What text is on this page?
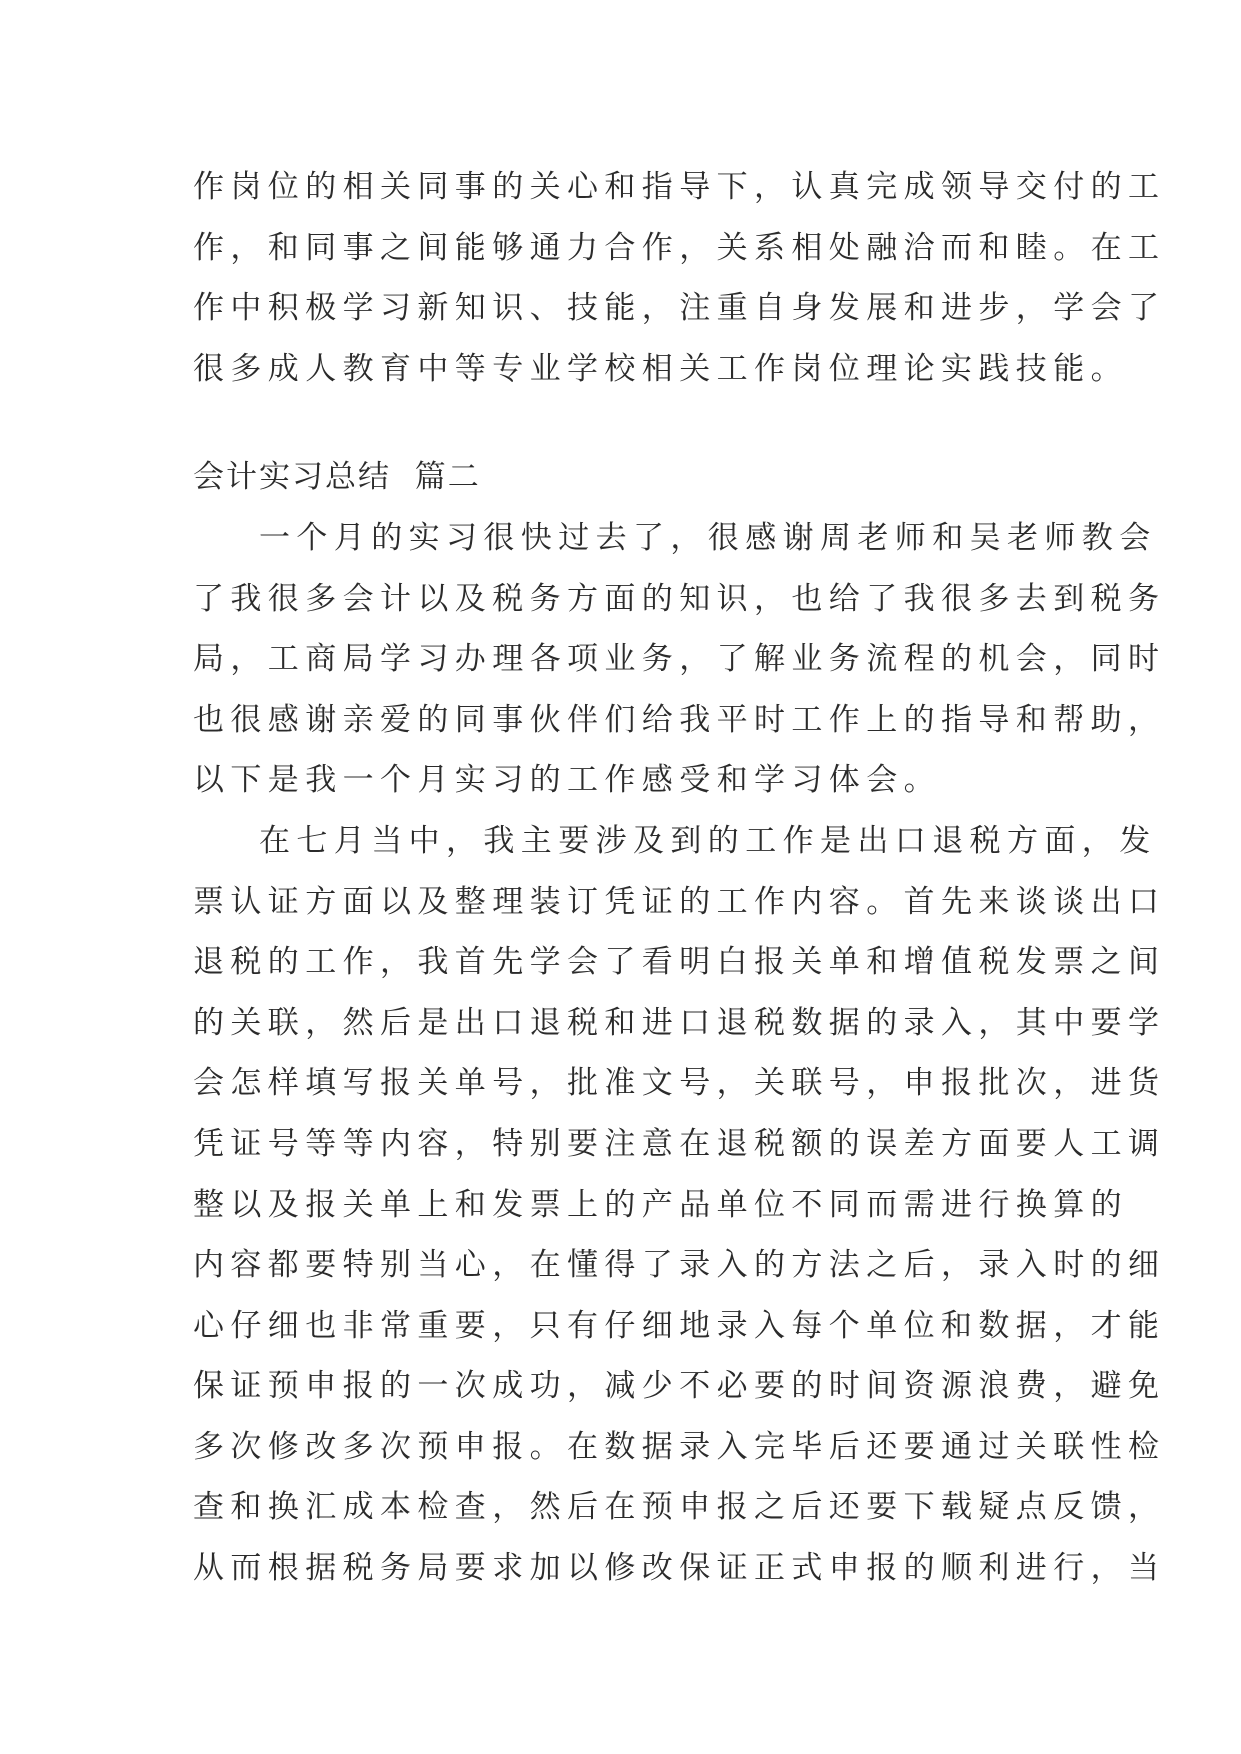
作岗位的相关同事的关心和指导下，认真完成领导交付的工
作，和同事之间能够通力合作，关系相处融洽而和睦。在工
作中积极学习新知识、技能，注重自身发展和进步，学会了
很多成人教育中等专业学校相关工作岗位理论实践技能。
会计实习总结  篇二
一个月的实习很快过去了，很感谢周老师和吴老师教会
了我很多会计以及税务方面的知识，也给了我很多去到税务
局，工商局学习办理各项业务，了解业务流程的机会，同时
也很感谢亲爱的同事伙伴们给我平时工作上的指导和帮助，
以下是我一个月实习的工作感受和学习体会。
在七月当中，我主要涉及到的工作是出口退税方面，发
票认证方面以及整理装订凭证的工作内容。首先来谈谈出口
退税的工作，我首先学会了看明白报关单和增值税发票之间
的关联，然后是出口退税和进口退税数据的录入，其中要学
会怎样填写报关单号，批准文号，关联号，申报批次，进货
凭证号等等内容，特别要注意在退税额的误差方面要人工调
整以及报关单上和发票上的产品单位不同而需进行换算的
内容都要特别当心，在懂得了录入的方法之后，录入时的细
心仔细也非常重要，只有仔细地录入每个单位和数据，才能
保证预申报的一次成功，减少不必要的时间资源浪费，避免
多次修改多次预申报。在数据录入完毕后还要通过关联性检
查和换汇成本检查，然后在预申报之后还要下载疑点反馈，
从而根据税务局要求加以修改保证正式申报的顺利进行，当
